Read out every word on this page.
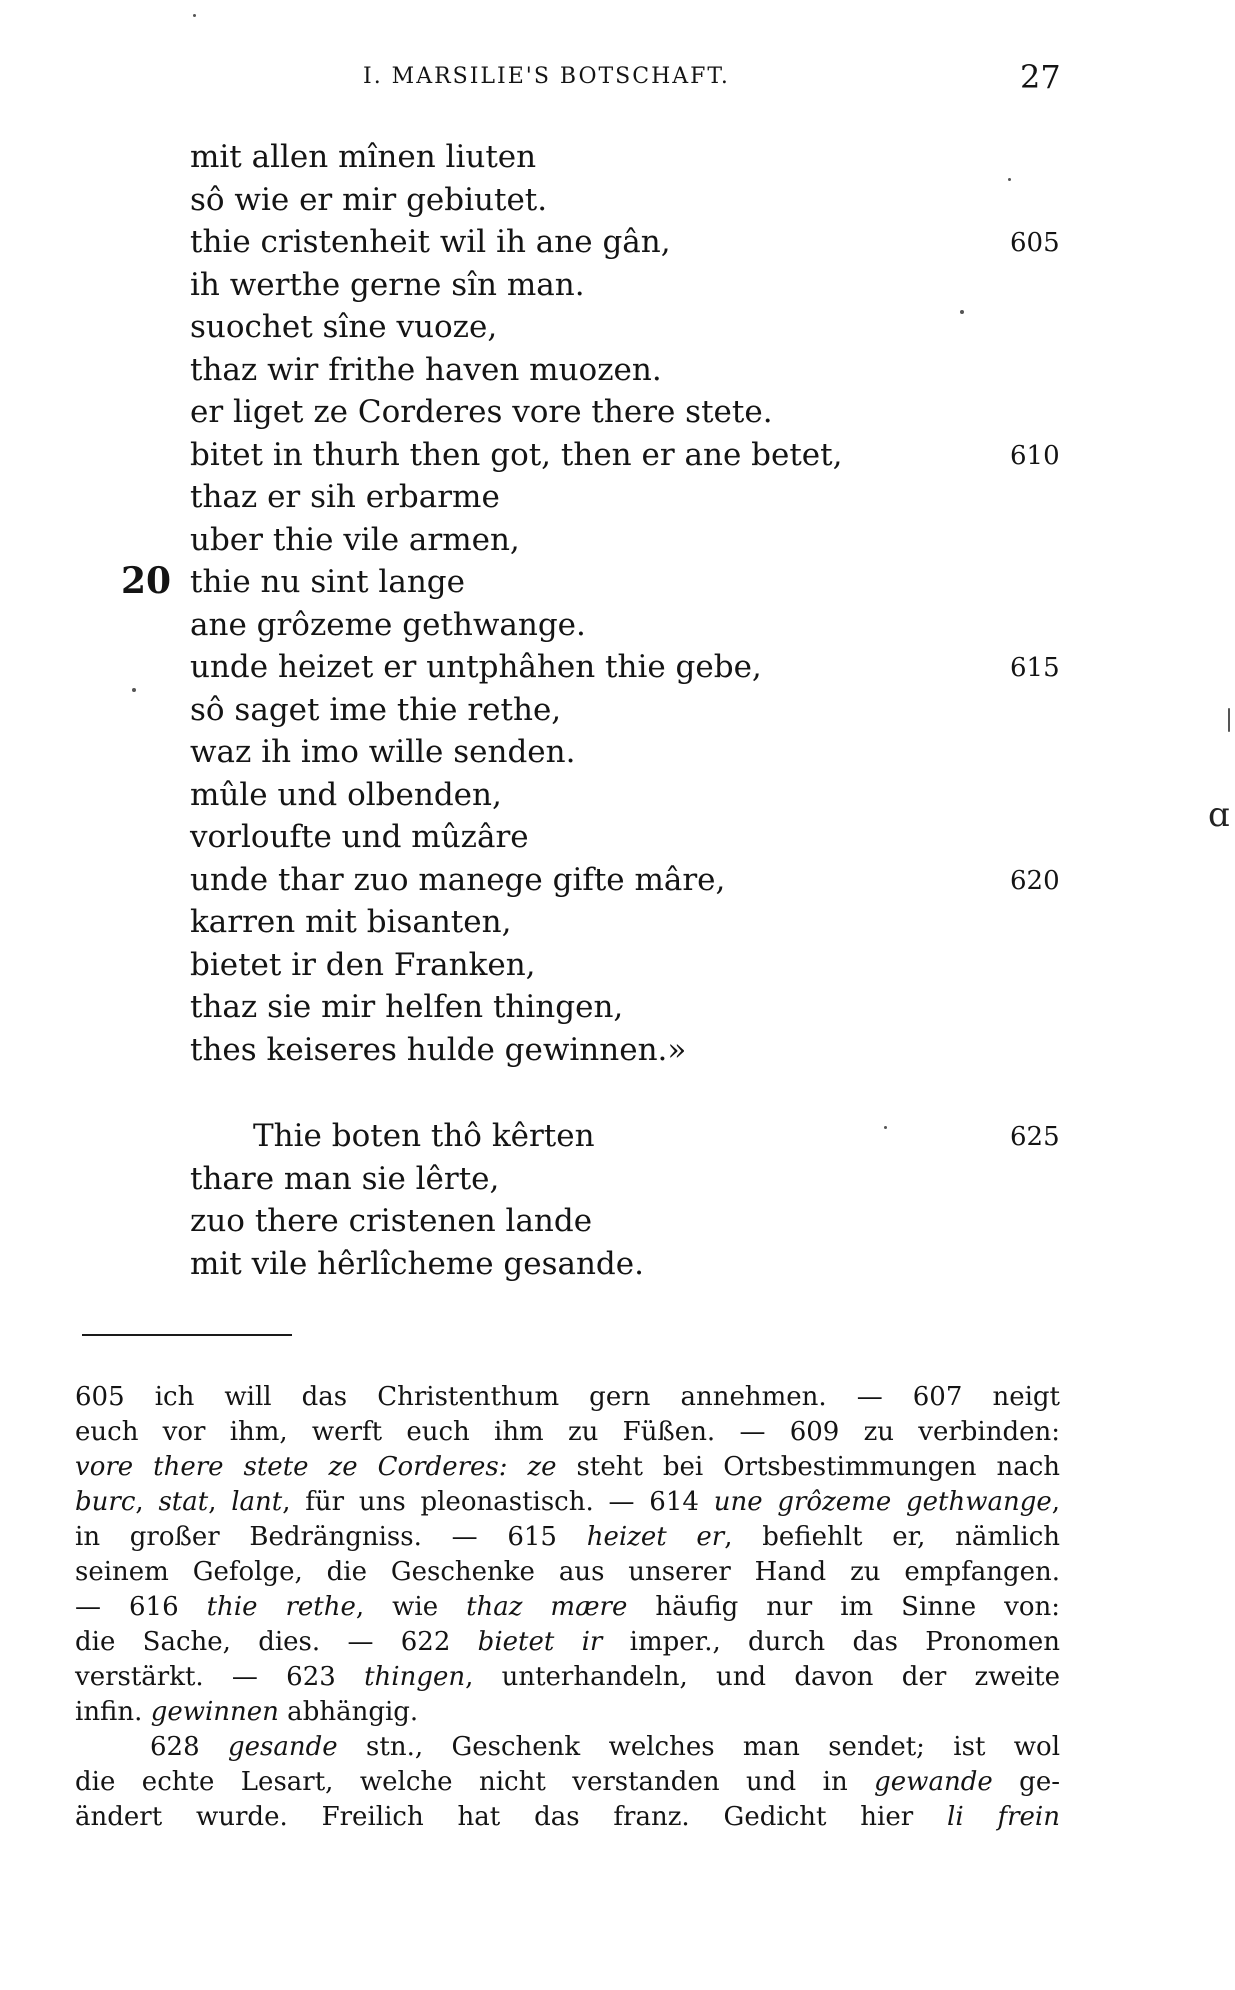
I. MARSILIE'S BOTSCHAFT.	27
mit allen mînen liuten
sô wie er mir gebiutet.
thie cristenheit wil ih ane gân,	605
ih werthe gerne sîn man.
suochet sîne vuoze,
thaz wir frithe haven muozen.
er liget ze Corderes vore there stete.
bitet in thurh then got, then er ane betet,	610
thaz er sih erbarme
uber thie vile armen,
20 thie nu sint lange
ane grôzeme gethwange.
unde heizet er untphâhen thie gebe,	615
sô saget ime thie rethe,
waz ih imo wille senden.
mûle und olbenden,
vorloufte und mûzâre
unde thar zuo manege gifte mâre,	620
karren mit bisanten,
bietet ir den Franken,
thaz sie mir helfen thingen,
thes keiseres hulde gewinnen.»
Thie boten thô kêrten	625
thare man sie lêrte,
zuo there cristenen lande
mit vile hêrlîcheme gesande.
605 ich will das Christenthum gern annehmen. — 607 neigt
euch vor ihm, werft euch ihm zu Füßen. — 609 zu verbinden:
vore there stete ze Corderes: ze steht bei Ortsbestimmungen nach
burc, stat, lant, für uns pleonastisch. — 614 une grôzeme gethwange,
in großer Bedrängniss. — 615 heizet er, befiehlt er, nämlich
seinem Gefolge, die Geschenke aus unserer Hand zu empfangen.
— 616 thie rethe, wie thaz mære häufig nur im Sinne von:
die Sache, dies. — 622 bietet ir imper., durch das Pronomen
verstärkt. — 623 thingen, unterhandeln, und davon der zweite
infin. gewinnen abhängig.
628 gesande stn., Geschenk welches man sendet; ist wol
die echte Lesart, welche nicht verstanden und in gewande ge-
ändert wurde. Freilich hat das franz. Gedicht hier li frein
ɑ
